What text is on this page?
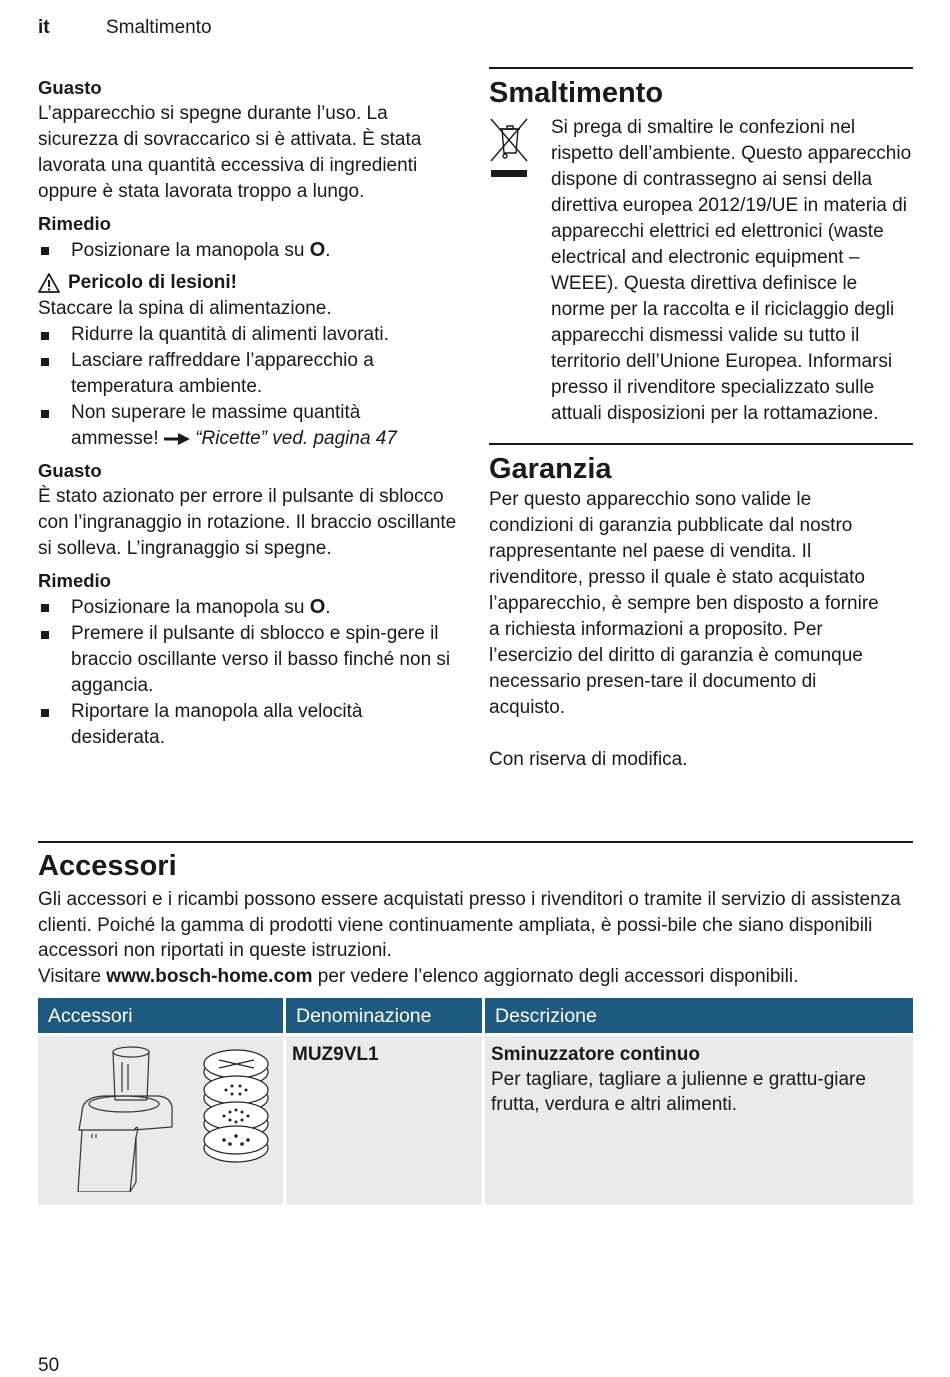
it	Smaltimento
Guasto

L’apparecchio si spegne durante l’uso. La sicurezza di sovraccarico si è attivata. È stata lavorata una quantità eccessiva di ingredienti oppure è stata lavorata troppo a lungo.

Rimedio
Posizionare la manopola su O.
Pericolo di lesioni!

Staccare la spina di alimentazione.

Ridurre la quantità di alimenti lavorati.
Lasciare raffreddare l’apparecchio a temperatura ambiente.
Non superare le massime quantità ammesse! “Ricette” ved. pagina 47
Guasto

È stato azionato per errore il pulsante di sblocco con l’ingranaggio in rotazione. Il braccio oscillante si solleva. L’ingranaggio si spegne.

Rimedio
Posizionare la manopola su O.
Premere il pulsante di sblocco e spin-gere il braccio oscillante verso il basso finché non si aggancia.
Riportare la manopola alla velocità desiderata.
Smaltimento

Si prega di smaltire le confezioni nel rispetto dell’ambiente. Questo apparecchio dispone di contrassegno ai sensi della direttiva europea 2012/19/UE in materia di apparecchi elettrici ed elettronici (waste electrical and electronic equipment – WEEE). Questa direttiva definisce le norme per la raccolta e il riciclaggio degli apparecchi dismessi valide su tutto il territorio dell’Unione Europea. Informarsi presso il rivenditore specializzato sulle attuali disposizioni per la rottamazione.

Garanzia

Per questo apparecchio sono valide le condizioni di garanzia pubblicate dal nostro rappresentante nel paese di vendita. Il rivenditore, presso il quale è stato acquistato l’apparecchio, è sempre ben disposto a fornire a richiesta informazioni a proposito. Per l’esercizio del diritto di garanzia è comunque necessario presen-tare il documento di acquisto.

Con riserva di modifica.

Accessori

Gli accessori e i ricambi possono essere acquistati presso i rivenditori o tramite il servizio di assistenza clienti. Poiché la gamma di prodotti viene continuamente ampliata, è possi-bile che siano disponibili accessori non riportati in queste istruzioni.

Visitare www.bosch-home.com per vedere l’elenco aggiornato degli accessori disponibili.

Accessori	Denominazione	Descrizione
	MUZ9VL1	Sminuzzatore continuo
Per tagliare, tagliare a julienne e grattu-giare frutta, verdura e altri alimenti.
50
